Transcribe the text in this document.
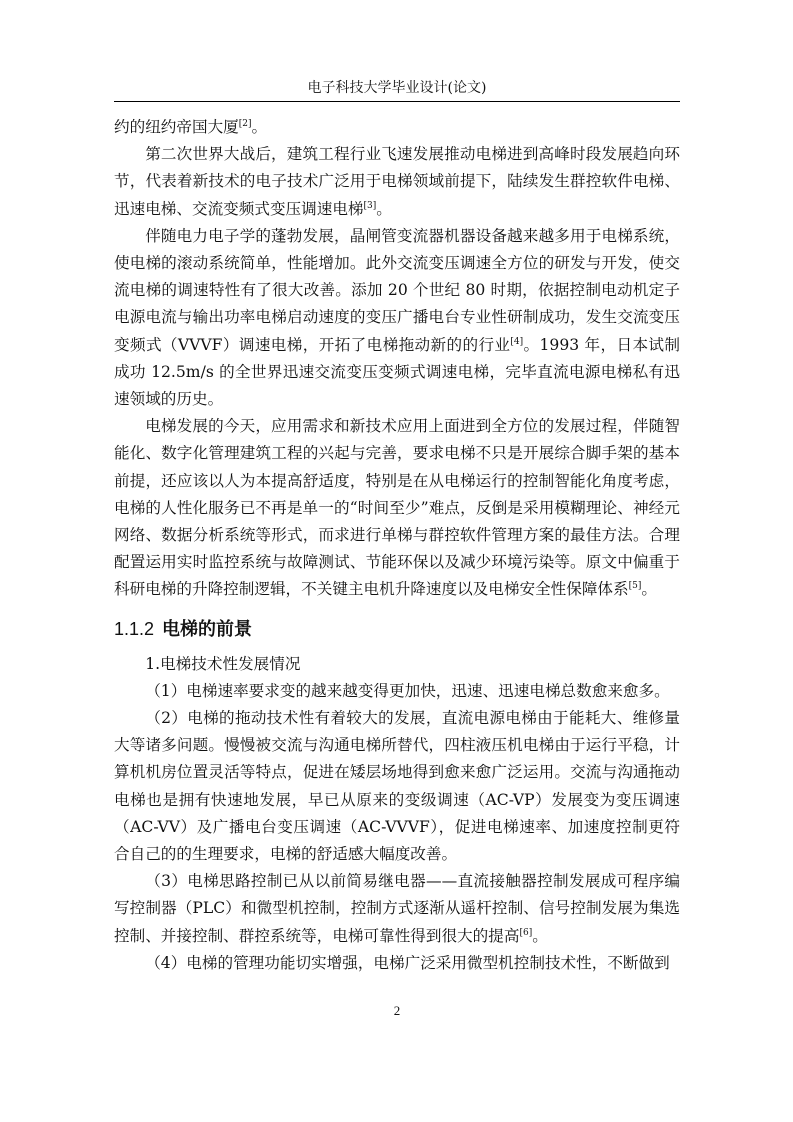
电子科技大学毕业设计(论文)

约的纽约帝国大厦[2]。

第二次世界大战后，建筑工程行业飞速发展推动电梯进到高峰时段发展趋向环节，代表着新技术的电子技术广泛用于电梯领域前提下，陆续发生群控软件电梯、迅速电梯、交流变频式变压调速电梯[3]。

伴随电力电子学的蓬勃发展，晶闸管变流器机器设备越来越多用于电梯系统，使电梯的滚动系统简单，性能增加。此外交流变压调速全方位的研发与开发，使交流电梯的调速特性有了很大改善。添加 20 个世纪 80 时期，依据控制电动机定子电源电流与输出功率电梯启动速度的变压广播电台专业性研制成功，发生交流变压变频式（VVVF）调速电梯，开拓了电梯拖动新的的行业[4]。1993 年，日本试制成功 12.5m/s 的全世界迅速交流变压变频式调速电梯，完毕直流电源电梯私有迅速领域的历史。

电梯发展的今天，应用需求和新技术应用上面进到全方位的发展过程，伴随智能化、数字化管理建筑工程的兴起与完善，要求电梯不只是开展综合脚手架的基本前提，还应该以人为本提高舒适度，特别是在从电梯运行的控制智能化角度考虑，电梯的人性化服务已不再是单一的“时间至少”难点，反倒是采用模糊理论、神经元网络、数据分析系统等形式，而求进行单梯与群控软件管理方案的最佳方法。合理配置运用实时监控系统与故障测试、节能环保以及减少环境污染等。原文中偏重于科研电梯的升降控制逻辑，不关键主电机升降速度以及电梯安全性保障体系[5]。

1.1.2 电梯的前景

1.电梯技术性发展情况

（1）电梯速率要求变的越来越变得更加快，迅速、迅速电梯总数愈来愈多。

（2）电梯的拖动技术性有着较大的发展，直流电源电梯由于能耗大、维修量大等诸多问题。慢慢被交流与沟通电梯所替代，四柱液压机电梯由于运行平稳，计算机机房位置灵活等特点，促进在矮层场地得到愈来愈广泛运用。交流与沟通拖动电梯也是拥有快速地发展，早已从原来的变级调速（AC-VP）发展变为变压调速（AC-VV）及广播电台变压调速（AC-VVVF），促进电梯速率、加速度控制更符合自己的的生理要求，电梯的舒适感大幅度改善。

（3）电梯思路控制已从以前简易继电器——直流接触器控制发展成可程序编写控制器（PLC）和微型机控制，控制方式逐渐从遥杆控制、信号控制发展为集选控制、并接控制、群控系统等，电梯可靠性得到很大的提高[6]。

（4）电梯的管理功能切实增强，电梯广泛采用微型机控制技术性，不断做到

2
